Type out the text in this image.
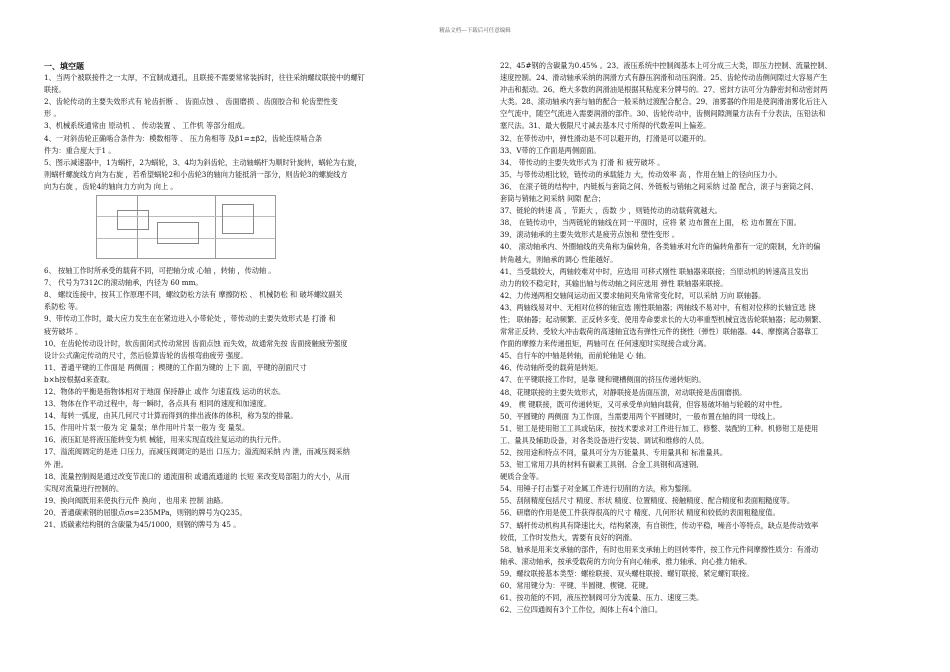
精品文档---下载后可任意编辑
一、填空题
1、当两个被联接件之一太厚，不宜制成通孔，且联接不需要常常装拆时，往往采纳螺纹联接中的螺钉
联接。
2、齿轮传动的主要失效形式有 轮齿折断 、 齿面点蚀 、 齿面磨损 、齿面胶合和 轮齿塑性变
形 。
3、机械系统通常由 原动机 、 传动装置 、 工作机 等部分组成。
4、一对斜齿轮正确啮合条件为：模数相等 、 压力角相等 及β1=±β2，齿轮连续啮合条
件为：重合度大于1 。
5、图示减速器中，1为蜗杆，2为蜗轮，3、4均为斜齿轮，主动轴蜗杆为顺时针旋转，蜗轮为右旋，
则蜗杆螺旋线方向为右旋 ，若希望蜗轮2和小齿轮3的轴向力能抵消一部分，则齿轮3的螺旋线方
向为右旋 ，齿轮4的轴向力方向为 向上 。
6、 按轴工作时所承受的载荷不同，可把轴分成 心轴 ，转轴 ，传动轴 。
7、 代号为7312C的滚动轴承，内径为 60 mm。
8、 螺纹连接中，按其工作原理不同，螺纹防松方法有 摩擦防松 、 机械防松 和 破坏螺纹副关
系防松 等。
9、带传动工作时，最大应力发生在在紧边进入小带轮处 ，带传动的主要失效形式是 打滑 和
疲劳破坏 。
10、在齿轮传动设计时，软齿面闭式传动常因 齿面点蚀 而失效，故通常先按 齿面接触疲劳强度
设计公式确定传动的尺寸，然后验算齿轮的齿根弯曲疲劳 强度。
11、普通平键的工作面是 两侧面 ；楔键的工作面为键的 上下 面，平键的剖面尺寸
b×h按根据d来查取。
12、物体的平衡是指物体相对于地面 保持静止 或作 匀速直线 运动的状态。
13、物体在作平动过程中，每一瞬时，各点具有 相同的速度和加速度。
14、每转一弧度，由其几何尺寸计算而得到的排出液体的体积，称为泵的排量。
15、作用叶片泵一般为 定 量泵；单作用叶片泵一般为 变 量泵。
16、液压缸是将液压能转变为机 械能，用来实现直线往复运动的执行元件。
17、溢流阀调定的是进 口压力，而减压阀调定的是出 口压力；溢流阀采纳 内 泄，而减压阀采纳
外 泄。
18、流量控制阀是通过改变节流口的 通流面积 或通流通道的 长短 来改变局部阻力的大小，从而
实现对流量进行控制的。
19、换向阀既用来使执行元件 换向 ，也用来 控制 油路。
20、普通碳素钢的屈服点σs=235MPa，则钢的牌号为Q235。
21、质碳素结构钢的含碳量为45/1000，则钢的牌号为 45 。
22、45#钢的含碳量为0.45% 。23、液压系统中控制阀基本上可分成三大类，即压力控制、流量控制、
速度控制。24、滑动轴承采纳的润滑方式有静压润滑和动压润滑。25、齿轮传动齿侧间隙过大容易产生
冲击和振动。26、绝大多数的润滑油是根据其粘度来分牌号的。27、密封方法可分为静密封和动密封两
大类。28、滚动轴承内套与轴的配合一般采纳过渡配合配合。29、油雾器的作用是使润滑油雾化后注入
空气流中，随空气流进入需要润滑的部件。30、齿轮传动中，齿侧间隙测量方法有千分表法，压铅法和
塞尺法。31、最大极限尺寸减去基本尺寸所得的代数差叫上偏差。
32、在带传动中，弹性滑动是不可以避开的，打滑是可以避开的。
33、V带的工作面是两侧面面。
34、 带传动的主要失效形式为 打滑 和 疲劳破坏 。
35、与带传动相比较，链传动的承载能力 大，传动效率 高 ，作用在轴上的径向压力小。
36、 在滚子链的结构中，内链板与套筒之间、外链板与销轴之间采纳 过盈 配合，滚子与套筒之间、
套筒与销轴之间采纳 间隙 配合；
37、链轮的转速 高 ，节距大 ，齿数 少 ，则链传动的动载荷就越大。
38、 在链传动中，当两链轮的轴线在同一平面时，应将 紧 边布置在上面， 松 边布置在下面。
39、滚动轴承的主要失效形式是疲劳点蚀和 塑性变形 。
40、 滚动轴承内、外圈轴线的夹角称为偏转角，各类轴承对允许的偏转角都有一定的限制，允许的偏
转角越大，则轴承的调心 性能越好。
41、当受载较大，两轴较难对中时，应选用 可移式刚性 联轴器来联接；当原动机的转速高且发出
动力的较不稳定时，其输出轴与传动轴之间应选用 弹性 联轴器来联接。
42、力传递两相交轴间运动而又要求轴间夹角常常变化时，可以采纳 万向 联轴器。
43、两轴线易对中、无相对位移的轴宜选 刚性联轴器；两轴线不易对中，有相对位移的长轴宜选 挠
性； 联轴器；起动频繁、正反转多变、使用寿命要求长的大功率重型机械宜选齿轮联轴器；起动频繁、
常常正反转、受较大冲击载荷的高速轴宜选有弹性元件的挠性（弹性）联轴器。44、摩擦离合器靠工
作面的摩擦力来传递扭矩，两轴可在 任何速度时实现接合或分离。
45、自行车的中轴是转轴，而前轮轴是 心 轴。
46、传动轴所受的载荷是转矩。
47、在平键联接工作时，是靠 键和键槽侧面的挤压传递转矩的。
48、花键联接的主要失效形式，对静联接是齿面压溃，对动联接是齿面磨损。
49、 楔 键联接，既可传递转矩，又可承受单向轴向载荷，但容易破坏轴与轮毂的对中性。
50、平圆键的 两侧面 为工作面，当需要用两个平圆键时，一般布置在轴的同一母线上。
51、钳工是使用钳工工具或钻床，按技术要求对工件进行加工、修整、装配的工种。机修钳工是使用
工、量具及辅助设备，对各类设备进行安装、调试和维修的人员。
52、按用途和特点不同，量具可分为万能量具、专用量具和 标准量具。
53、钳工常用刀具的材料有碳素工具钢、合金工具钢和高速钢、
硬质合金等。
54、用锤子打击錾子对金属工件进行切削的方法，称为錾削。
55、刮削精度包括尺寸 精度、形状 精度、位置精度、接触精度、配合精度和表面粗糙度等。
56、研磨的作用是使工件获得很高的尺寸 精度、几何形状 精度和较低的表面粗糙度值。
57、蜗杆传动机构具有降速比大，结构紧凑，有自锁性，传动平稳，噪音小等特点，缺点是传动效率
较低，工作时发热大，需要有良好的润滑。
58、轴承是用来支承轴的部件，有时也用来支承轴上的回转零件，按工作元件间摩擦性质分：有滑动
轴承、滚动轴承，按承受载荷的方向分有向心轴承，推力轴承、向心推力轴承。
59、螺纹联接基本类型：螺栓联接、双头螺柱联接、螺钉联接、紧定螺钉联接。
60、常用键分为：平键、半圆键、楔键、花键。
61、按功能的不同，液压控制阀可分为流量、压力、速度三类。
62、三位四通阀有3个工作位，阀体上有4个油口。
